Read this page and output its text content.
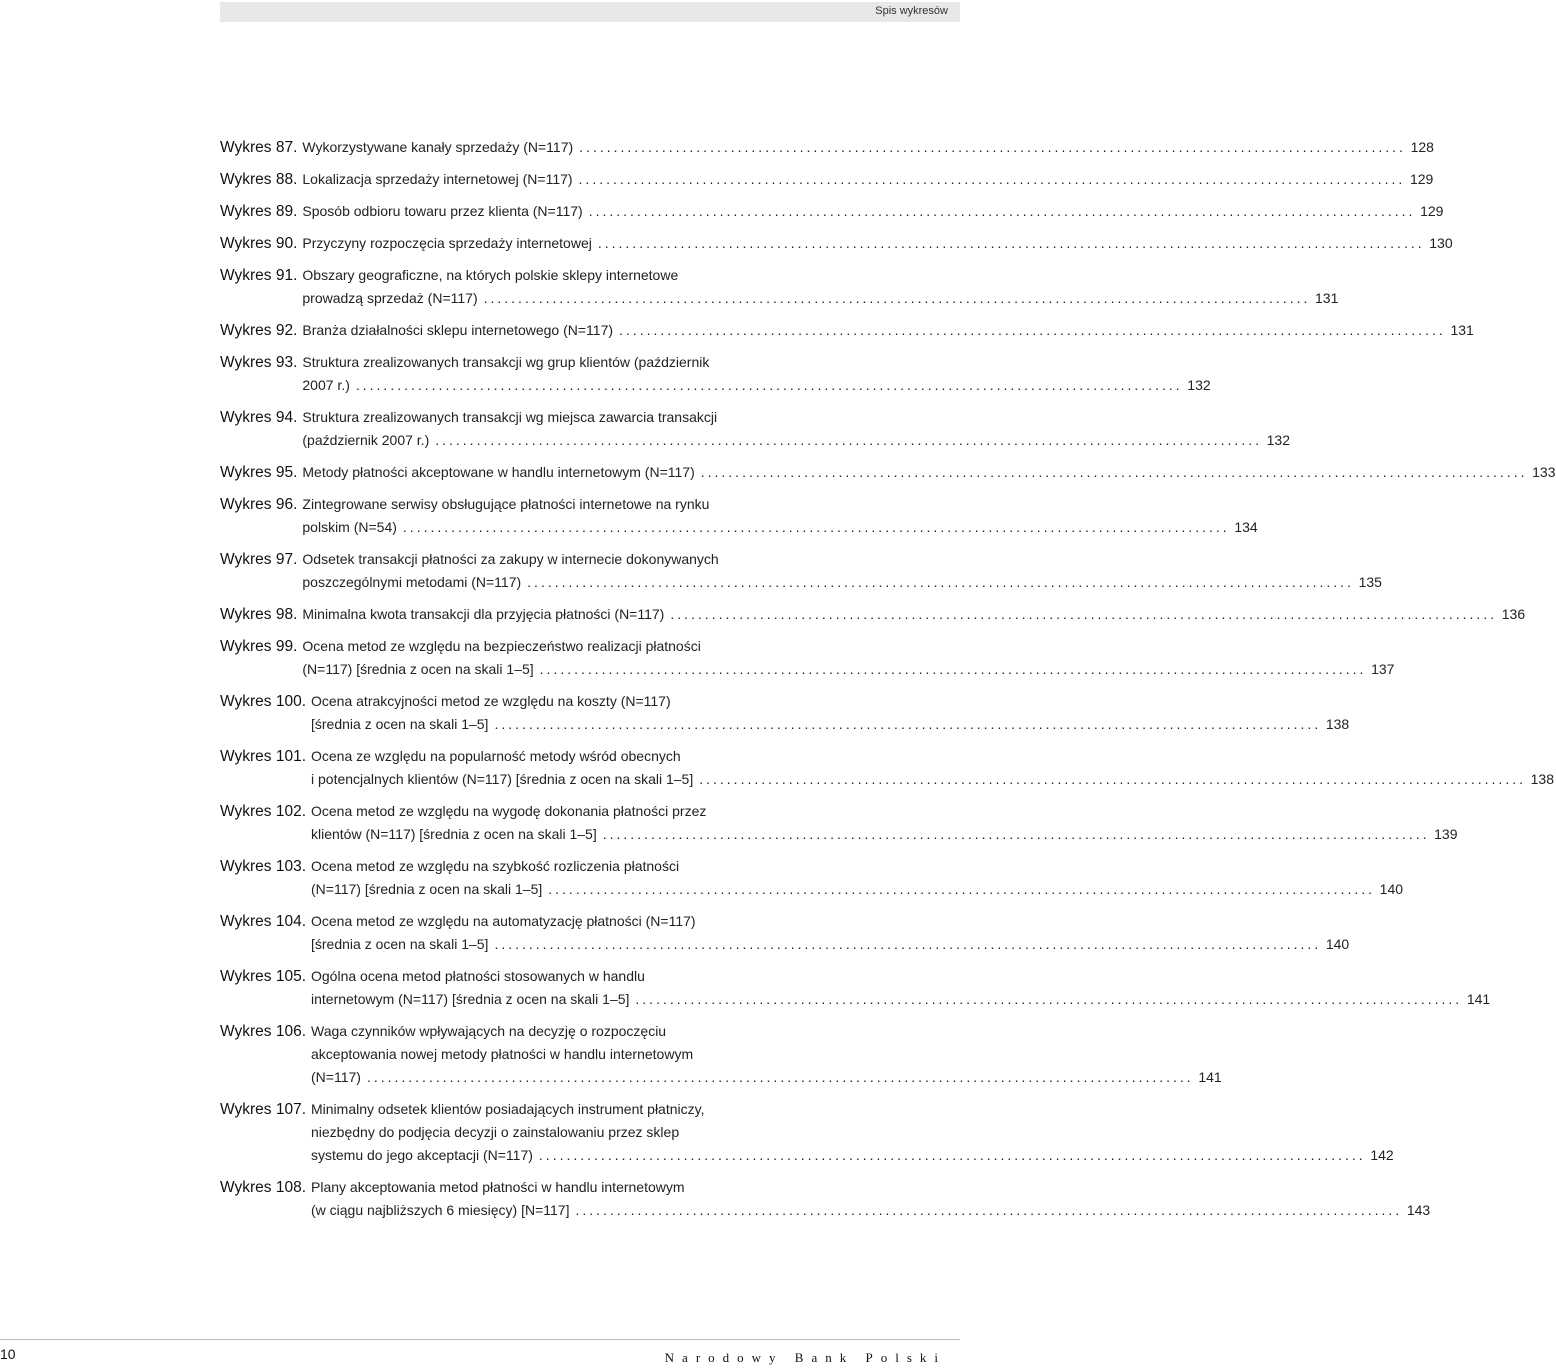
Spis wykresów
Wykres 87. Wykorzystywane kanały sprzedaży (N=117) ........................................................................................................................ 128
Wykres 88. Lokalizacja sprzedaży internetowej (N=117) ........................................................................................................................ 129
Wykres 89. Sposób odbioru towaru przez klienta (N=117) ........................................................................................................................ 129
Wykres 90. Przyczyny rozpoczęcia sprzedaży internetowej ........................................................................................................................ 130
Wykres 91. Obszary geograficzne, na których polskie sklepy internetowe
prowadzą sprzedaż (N=117) ........................................................................................................................ 131
Wykres 92. Branża działalności sklepu internetowego (N=117) ........................................................................................................................ 131
Wykres 93. Struktura zrealizowanych transakcji wg grup klientów (październik
2007 r.) ........................................................................................................................ 132
Wykres 94. Struktura zrealizowanych transakcji wg miejsca zawarcia transakcji
(październik 2007 r.) ........................................................................................................................ 132
Wykres 95. Metody płatności akceptowane w handlu internetowym (N=117) ........................................................................................................................ 133
Wykres 96. Zintegrowane serwisy obsługujące płatności internetowe na rynku
polskim (N=54) ........................................................................................................................ 134
Wykres 97. Odsetek transakcji płatności za zakupy w internecie dokonywanych
poszczególnymi metodami (N=117) ........................................................................................................................ 135
Wykres 98. Minimalna kwota transakcji dla przyjęcia płatności (N=117) ........................................................................................................................ 136
Wykres 99. Ocena metod ze względu na bezpieczeństwo realizacji płatności
(N=117) [średnia z ocen na skali 1–5] ........................................................................................................................ 137
Wykres 100. Ocena atrakcyjności metod ze względu na koszty (N=117)
[średnia z ocen na skali 1–5] ........................................................................................................................ 138
Wykres 101. Ocena ze względu na popularność metody wśród obecnych
i potencjalnych klientów (N=117) [średnia z ocen na skali 1–5] ........................................................................................................................ 138
Wykres 102. Ocena metod ze względu na wygodę dokonania płatności przez
klientów (N=117) [średnia z ocen na skali 1–5] ........................................................................................................................ 139
Wykres 103. Ocena metod ze względu na szybkość rozliczenia płatności
(N=117) [średnia z ocen na skali 1–5] ........................................................................................................................ 140
Wykres 104. Ocena metod ze względu na automatyzację płatności (N=117)
[średnia z ocen na skali 1–5] ........................................................................................................................ 140
Wykres 105. Ogólna ocena metod płatności stosowanych w handlu
internetowym (N=117) [średnia z ocen na skali 1–5] ........................................................................................................................ 141
Wykres 106. Waga czynników wpływających na decyzję o rozpoczęciu
akceptowania nowej metody płatności w handlu internetowym
(N=117) ........................................................................................................................ 141
Wykres 107. Minimalny odsetek klientów posiadających instrument płatniczy,
niezbędny do podjęcia decyzji o zainstalowaniu przez sklep
systemu do jego akceptacji (N=117) ........................................................................................................................ 142
Wykres 108. Plany akceptowania metod płatności w handlu internetowym
(w ciągu najbliższych 6 miesięcy) [N=117] ........................................................................................................................ 143
10	Narodowy Bank Polski
